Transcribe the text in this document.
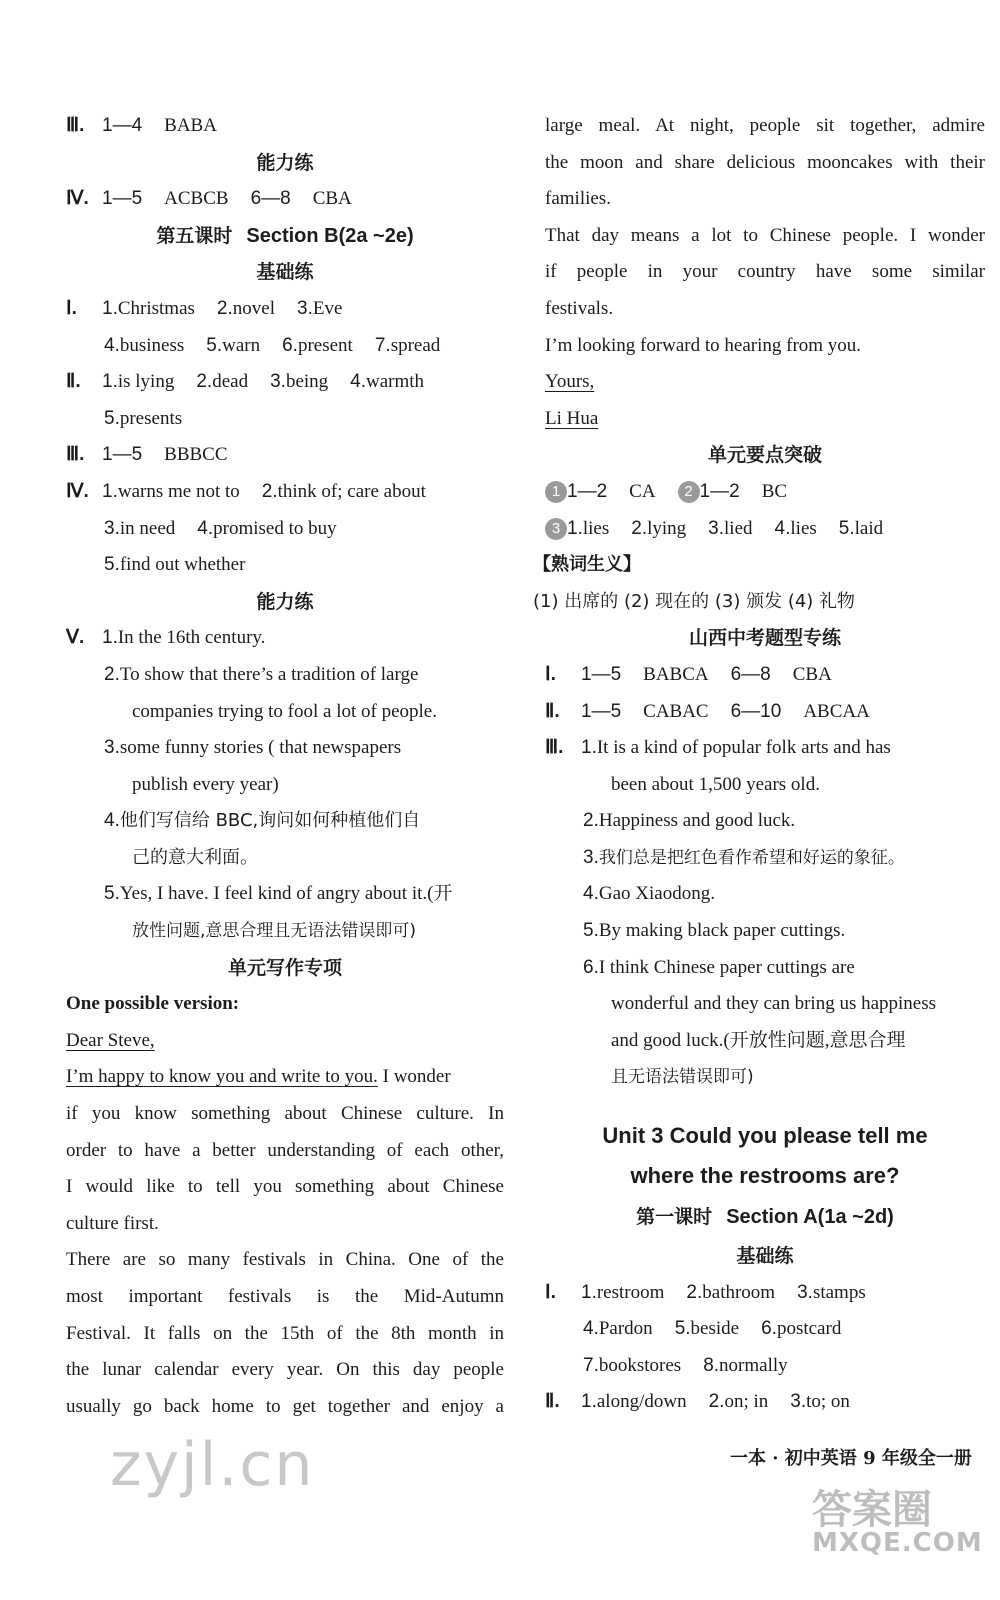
Ⅲ. 1—4 BABA
能力练
Ⅳ. 1—5 ACBCB 6—8 CBA
第五课时 Section B(2a ~2e)
基础练
Ⅰ. 1.Christmas 2.novel 3.Eve
4.business 5.warn 6.present 7.spread
Ⅱ. 1.is lying 2.dead 3.being 4.warmth
5.presents
Ⅲ. 1—5 BBBCC
Ⅳ. 1.warns me not to 2.think of; care about
3.in need 4.promised to buy
5.find out whether
能力练
Ⅴ. 1.In the 16th century.
2.To show that there’s a tradition of large
companies trying to fool a lot of people.
3.some funny stories ( that newspapers
publish every year)
4.他们写信给 BBC,询问如何种植他们自
己的意大利面。
5.Yes, I have. I feel kind of angry about it.(开
放性问题,意思合理且无语法错误即可)
单元写作专项
One possible version:
Dear Steve,
I’m happy to know you and write to you. I wonder
if you know something about Chinese culture. In
order to have a better understanding of each other,
I would like to tell you something about Chinese
culture first.
There are so many festivals in China. One of the
most important festivals is the Mid-Autumn
Festival. It falls on the 15th of the 8th month in
the lunar calendar every year. On this day people
usually go back home to get together and enjoy a
large meal. At night, people sit together, admire
the moon and share delicious mooncakes with their
families.
That day means a lot to Chinese people. I wonder
if people in your country have some similar
festivals.
I’m looking forward to hearing from you.
Yours,
Li Hua
单元要点突破
1 1—2 CA 2 1—2 BC
3 1.lies 2.lying 3.lied 4.lies 5.laid
【熟词生义】
(1) 出席的 (2) 现在的 (3) 颁发 (4) 礼物
山西中考题型专练
Ⅰ. 1—5 BABCA 6—8 CBA
Ⅱ. 1—5 CABAC 6—10 ABCAA
Ⅲ. 1.It is a kind of popular folk arts and has
been about 1,500 years old.
2.Happiness and good luck.
3.我们总是把红色看作希望和好运的象征。
4.Gao Xiaodong.
5.By making black paper cuttings.
6.I think Chinese paper cuttings are
wonderful and they can bring us happiness
and good luck.(开放性问题,意思合理
且无语法错误即可)
Unit 3 Could you please tell me
where the restrooms are?
第一课时 Section A(1a ~2d)
基础练
Ⅰ. 1.restroom 2.bathroom 3.stamps
4.Pardon 5.beside 6.postcard
7.bookstores 8.normally
Ⅱ. 1.along/down 2.on; in 3.to; on
zyjl.cn	一本 · 初中英语 9 年级全一册
答案圈
MXQE.COM
